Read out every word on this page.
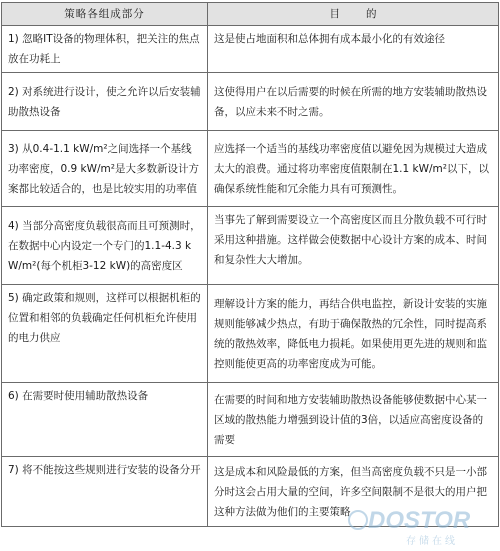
策略各组成部分	目 的
1) 忽略IT设备的物理体积，把关注的焦点放在功耗上	这是使占地面积和总体拥有成本最小化的有效途径
2) 对系统进行设计，使之允许以后安装辅助散热设备	这使得用户在以后需要的时候在所需的地方安装辅助散热设备，以应未来不时之需。
3) 从0.4-1.1 kW/m²之间选择一个基线功率密度，0.9 kW/m²是大多数新设计方案都比较适合的，也是比较实用的功率值	应选择一个适当的基线功率密度值以避免因为规模过大造成太大的浪费。通过将功率密度值限制在1.1 kW/m²以下，以确保系统性能和冗余能力具有可预测性。
4) 当部分高密度负载很高而且可预测时，在数据中心内设定一个专门的1.1-4.3 kW/m²(每个机柜3-12 kW)的高密度区	当事先了解到需要设立一个高密度区而且分散负载不可行时采用这种措施。这样做会使数据中心设计方案的成本、时间和复杂性大大增加。
5) 确定政策和规则，这样可以根据机柜的位置和相邻的负载确定任何机柜允许使用的电力供应	理解设计方案的能力，再结合供电监控，新设计安装的实施规则能够减少热点，有助于确保散热的冗余性，同时提高系统的散热效率，降低电力损耗。如果使用更先进的规则和监控则能使更高的功率密度成为可能。
6) 在需要时使用辅助散热设备	在需要的时间和地方安装辅助散热设备能够使数据中心某一区域的散热能力增强到设计值的3倍，以适应高密度设备的需要
7) 将不能按这些规则进行安装的设备分开	这是成本和风险最低的方案，但当高密度负载不只是一小部分时这会占用大量的空间，许多空间限制不是很大的用户把这种方法做为他们的主要策略 DOSTOR
存储在线
